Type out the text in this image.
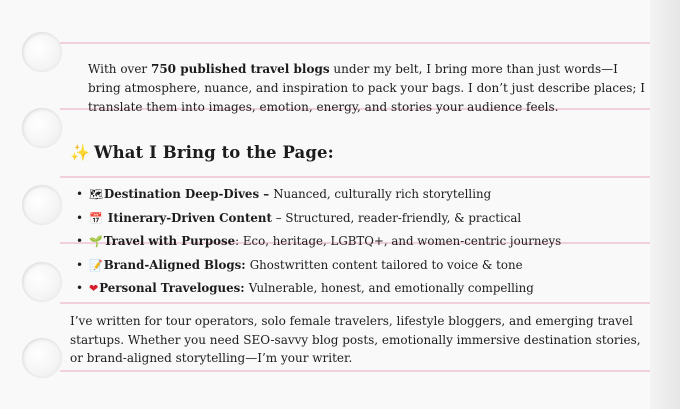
With over 750 published travel blogs under my belt, I bring more than just words—I bring atmosphere, nuance, and inspiration to pack your bags. I don’t just describe places; I translate them into images, emotion, energy, and stories your audience feels.

✨ What I Bring to the Page:
• 🗺Destination Deep-Dives – Nuanced, culturally rich storytelling
• 📅 Itinerary-Driven Content – Structured, reader-friendly, & practical
• 🌱Travel with Purpose: Eco, heritage, LGBTQ+, and women-centric journeys
• 📝Brand-Aligned Blogs: Ghostwritten content tailored to voice & tone
• ❤Personal Travelogues: Vulnerable, honest, and emotionally compelling

I’ve written for tour operators, solo female travelers, lifestyle bloggers, and emerging travel startups. Whether you need SEO-savvy blog posts, emotionally immersive destination stories, or brand-aligned storytelling—I’m your writer.
